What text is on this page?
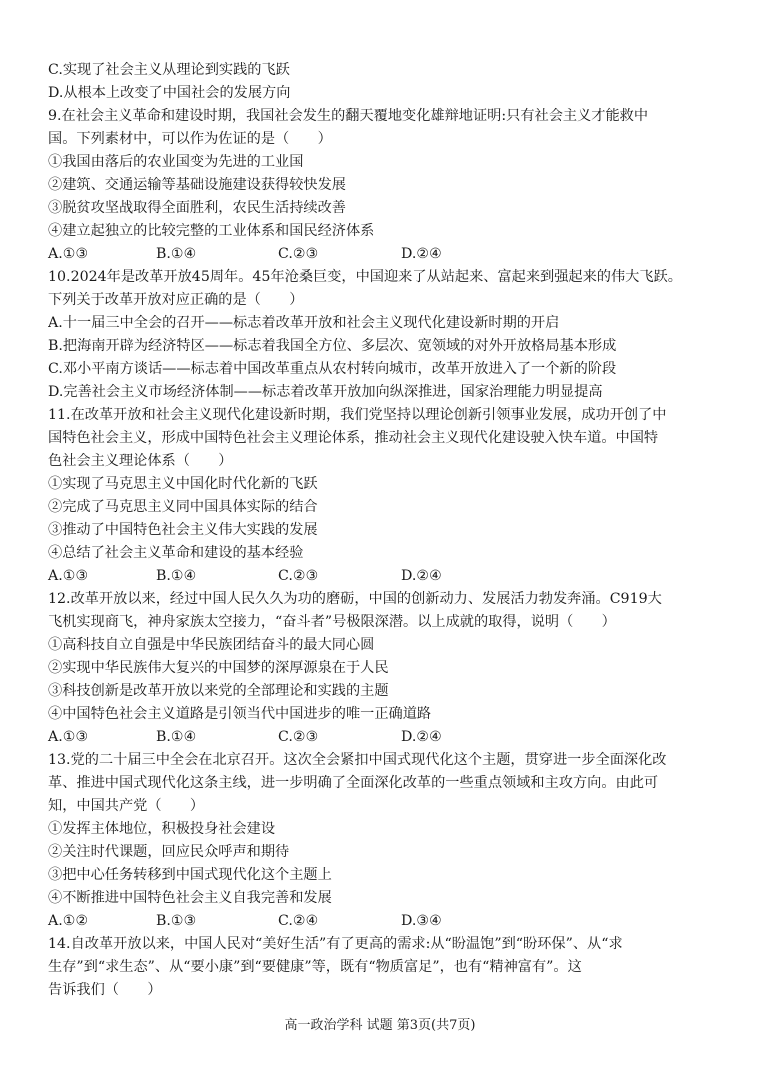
C.实现了社会主义从理论到实践的飞跃
D.从根本上改变了中国社会的发展方向
9.在社会主义革命和建设时期，我国社会发生的翻天覆地变化雄辩地证明:只有社会主义才能救中
国。下列素材中，可以作为佐证的是（　　）
①我国由落后的农业国变为先进的工业国
②建筑、交通运输等基础设施建设获得较快发展
③脱贫攻坚战取得全面胜利，农民生活持续改善
④建立起独立的比较完整的工业体系和国民经济体系
A.①③	B.①④	C.②③	D.②④
10.2024年是改革开放45周年。45年沧桑巨变，中国迎来了从站起来、富起来到强起来的伟大飞跃。
下列关于改革开放对应正确的是（　　）
A.十一届三中全会的召开——标志着改革开放和社会主义现代化建设新时期的开启
B.把海南开辟为经济特区——标志着我国全方位、多层次、宽领域的对外开放格局基本形成
C.邓小平南方谈话——标志着中国改革重点从农村转向城市，改革开放进入了一个新的阶段
D.完善社会主义市场经济体制——标志着改革开放加向纵深推进，国家治理能力明显提高
11.在改革开放和社会主义现代化建设新时期，我们党坚持以理论创新引领事业发展，成功开创了中
国特色社会主义，形成中国特色社会主义理论体系，推动社会主义现代化建设驶入快车道。中国特
色社会主义理论体系（　　）
①实现了马克思主义中国化时代化新的飞跃
②完成了马克思主义同中国具体实际的结合
③推动了中国特色社会主义伟大实践的发展
④总结了社会主义革命和建设的基本经验
A.①③	B.①④	C.②③	D.②④
12.改革开放以来，经过中国人民久久为功的磨砺，中国的创新动力、发展活力勃发奔涌。C919大
飞机实现商飞，神舟家族太空接力，“奋斗者”号极限深潜。以上成就的取得，说明（　　）
①高科技自立自强是中华民族团结奋斗的最大同心圆
②实现中华民族伟大复兴的中国梦的深厚源泉在于人民
③科技创新是改革开放以来党的全部理论和实践的主题
④中国特色社会主义道路是引领当代中国进步的唯一正确道路
A.①③	B.①④	C.②③	D.②④
13.党的二十届三中全会在北京召开。这次全会紧扣中国式现代化这个主题，贯穿进一步全面深化改
革、推进中国式现代化这条主线，进一步明确了全面深化改革的一些重点领域和主攻方向。由此可
知，中国共产党（　　）
①发挥主体地位，积极投身社会建设
②关注时代课题，回应民众呼声和期待
③把中心任务转移到中国式现代化这个主题上
④不断推进中国特色社会主义自我完善和发展
A.①②	B.①③	C.②④	D.③④
14.自改革开放以来，中国人民对“美好生活”有了更高的需求:从“盼温饱”到“盼环保”、从“求
生存”到“求生态”、从“要小康”到“要健康”等，既有“物质富足”，也有“精神富有”。这
告诉我们（　　）
高一政治学科 试题 第3页(共7页)
